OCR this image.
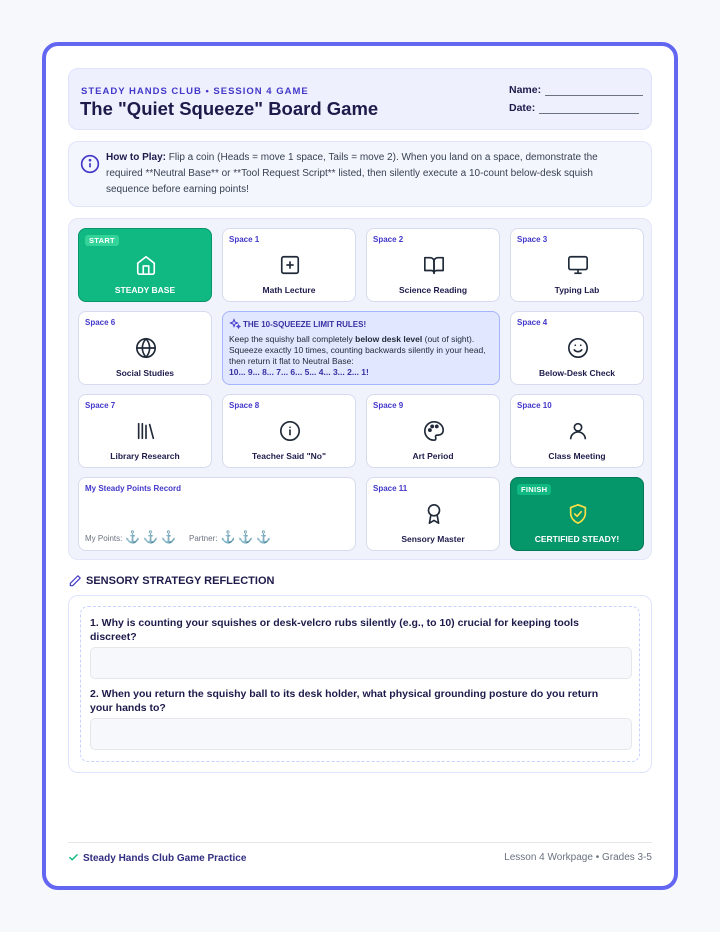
STEADY HANDS CLUB • SESSION 4 GAME
The "Quiet Squeeze" Board Game
Name:
Date:

How to Play: Flip a coin (Heads = move 1 space, Tails = move 2). When you land on a space, demonstrate the required **Neutral Base** or **Tool Request Script** listed, then silently execute a 10-count below-desk squish sequence before earning points!

START
STEADY BASE
Space 1
Math Lecture
Space 2
Science Reading
Space 3
Typing Lab
Space 6
Social Studies
THE 10-SQUEEZE LIMIT RULES!

Keep the squishy ball completely below desk level (out of sight). Squeeze exactly 10 times, counting backwards silently in your head, then return it flat to Neutral Base:

10... 9... 8... 7... 6... 5... 4... 3... 2... 1!
Space 4
Below-Desk Check
Space 7
Library Research
Space 8
Teacher Said "No"
Space 9
Art Period
Space 10
Class Meeting
My Steady Points Record
My Points: ⚓ ⚓ ⚓ Partner: ⚓ ⚓ ⚓
Space 11
Sensory Master
FINISH
CERTIFIED STEADY!
SENSORY STRATEGY REFLECTION
1. Why is counting your squishes or desk-velcro rubs silently (e.g., to 10) crucial for keeping tools discreet?
2. When you return the squishy ball to its desk holder, what physical grounding posture do you return your hands to?
Steady Hands Club Game Practice	Lesson 4 Workpage • Grades 3-5
